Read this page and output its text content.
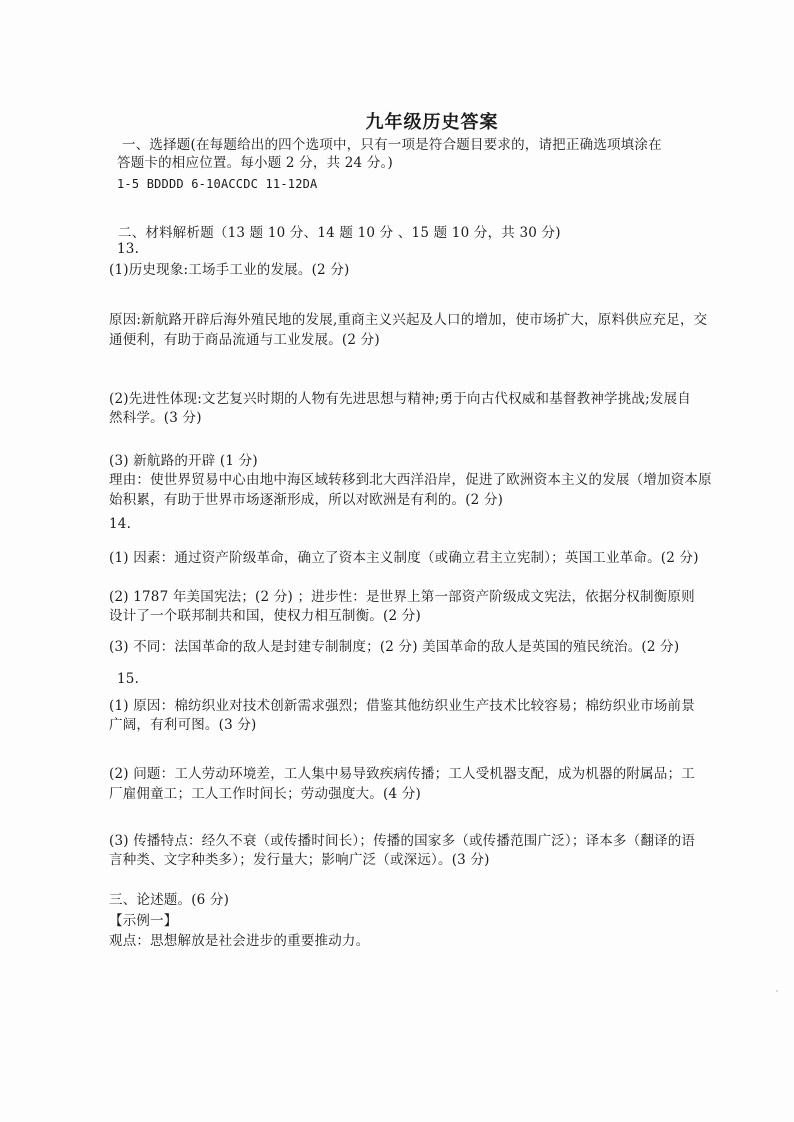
九年级历史答案
一、选择题(在每题给出的四个选项中，只有一项是符合题目要求的，请把正确选项填涂在
答题卡的相应位置。每小题 2 分，共 24 分。)
1-5 BDDDD 6-10ACCDC 11-12DA
二、材料解析题（13 题 10 分、14 题 10 分 、15 题 10 分，共 30 分)
13.
(1)历史现象:工场手工业的发展。(2 分)
原因:新航路开辟后海外殖民地的发展,重商主义兴起及人口的增加，使市场扩大，原料供应充足，交
通便利，有助于商品流通与工业发展。(2 分)
(2)先进性体现:文艺复兴时期的人物有先进思想与精神;勇于向古代权威和基督教神学挑战;发展自
然科学。(3 分)
(3) 新航路的开辟 (1 分)
理由：使世界贸易中心由地中海区域转移到北大西洋沿岸，促进了欧洲资本主义的发展（增加资本原
始积累，有助于世界市场逐渐形成，所以对欧洲是有利的。(2 分)
14.
(1) 因素：通过资产阶级革命，确立了资本主义制度（或确立君主立宪制）；英国工业革命。(2 分)
(2) 1787 年美国宪法；(2 分) ；进步性：是世界上第一部资产阶级成文宪法，依据分权制衡原则
设计了一个联邦制共和国，使权力相互制衡。(2 分)
(3) 不同：法国革命的敌人是封建专制制度；(2 分) 美国革命的敌人是英国的殖民统治。(2 分)
15.
(1) 原因：棉纺织业对技术创新需求强烈；借鉴其他纺织业生产技术比较容易；棉纺织业市场前景
广阔，有利可图。(3 分)
(2) 问题：工人劳动环境差，工人集中易导致疾病传播；工人受机器支配，成为机器的附属品；工
厂雇佣童工；工人工作时间长；劳动强度大。(4 分)
(3) 传播特点：经久不衰（或传播时间长）；传播的国家多（或传播范围广泛）；译本多（翻译的语
言种类、文字种类多）；发行量大；影响广泛（或深远）。(3 分)
三、论述题。(6 分)
【示例一】
观点：思想解放是社会进步的重要推动力。
